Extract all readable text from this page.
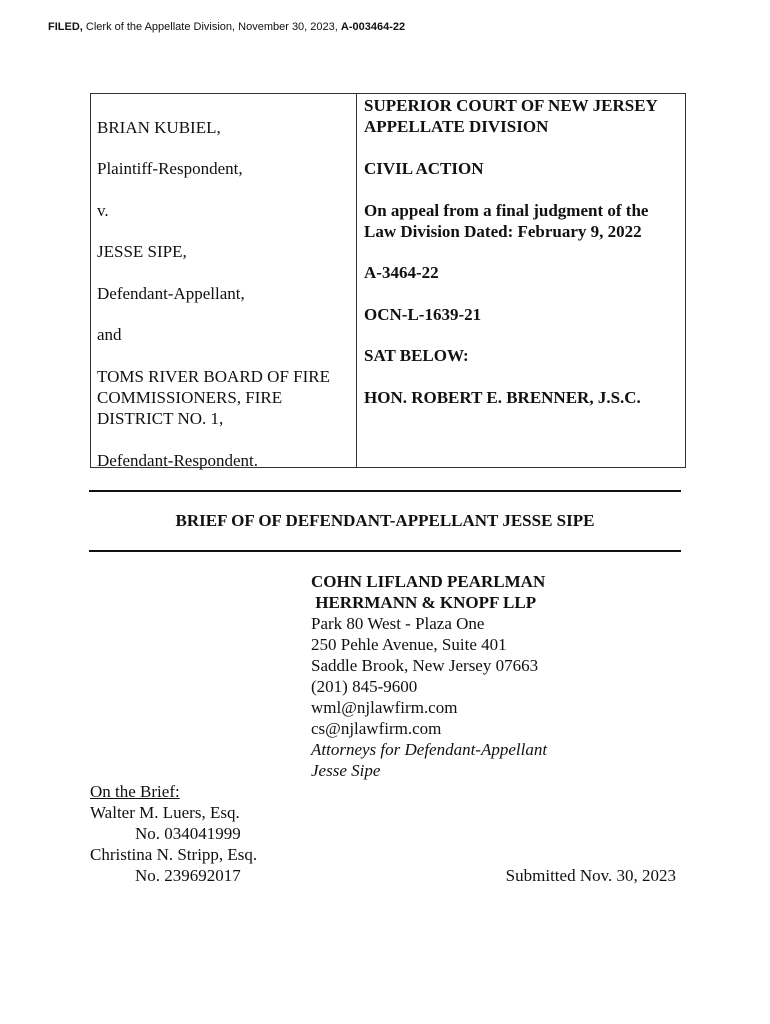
FILED, Clerk of the Appellate Division, November 30, 2023, A-003464-22
BRIAN KUBIEL,
Plaintiff-Respondent,
v.
JESSE SIPE,
Defendant-Appellant,
and
TOMS RIVER BOARD OF FIRE
COMMISSIONERS, FIRE
DISTRICT NO. 1,
Defendant-Respondent.
SUPERIOR COURT OF NEW JERSEY
APPELLATE DIVISION
CIVIL ACTION
On appeal from a final judgment of the
Law Division Dated: February 9, 2022
A-3464-22
OCN-L-1639-21
SAT BELOW:
HON. ROBERT E. BRENNER, J.S.C.
BRIEF OF OF DEFENDANT-APPELLANT JESSE SIPE
COHN LIFLAND PEARLMAN
HERRMANN & KNOPF LLP
Park 80 West - Plaza One
250 Pehle Avenue, Suite 401
Saddle Brook, New Jersey 07663
(201) 845-9600
wml@njlawfirm.com
cs@njlawfirm.com
Attorneys for Defendant-Appellant
Jesse Sipe
On the Brief:
Walter M. Luers, Esq.
No. 034041999
Christina N. Stripp, Esq.
No. 239692017	Submitted Nov. 30, 2023
